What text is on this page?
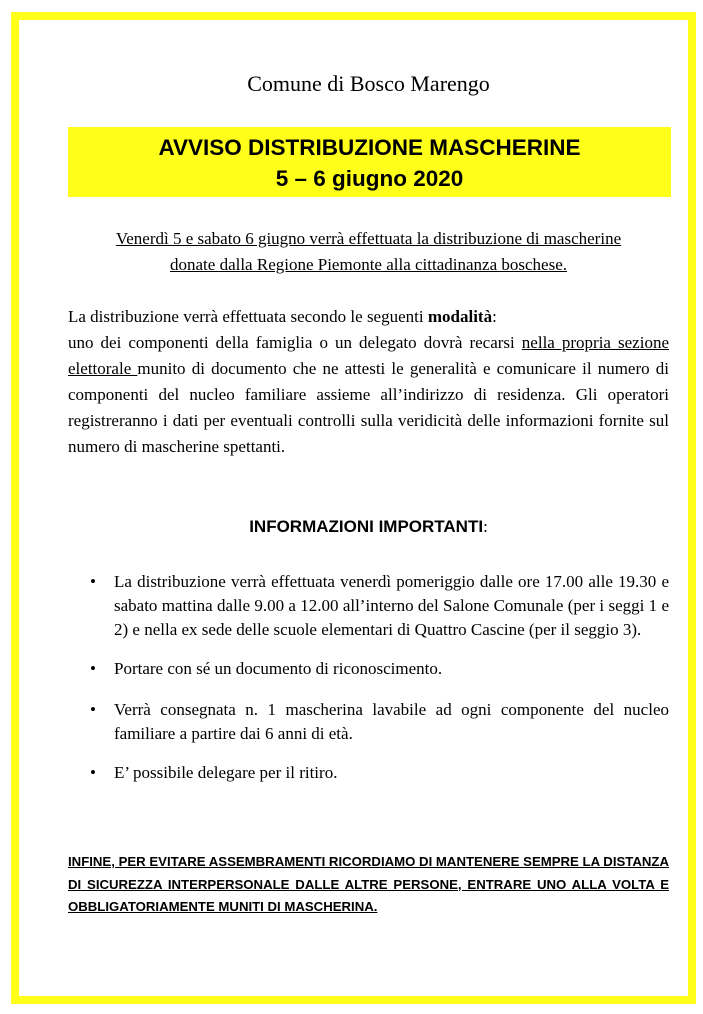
Comune di Bosco Marengo
AVVISO DISTRIBUZIONE MASCHERINE
5 – 6 giugno 2020
Venerdì 5 e sabato 6 giugno verrà effettuata la distribuzione di mascherine
donate dalla Regione Piemonte alla cittadinanza boschese.

La distribuzione verrà effettuata secondo le seguenti modalità:

uno dei componenti della famiglia o un delegato dovrà recarsi nella propria sezione elettorale munito di documento che ne attesti le generalità e comunicare il numero di componenti del nucleo familiare assieme all’indirizzo di residenza. Gli operatori registreranno i dati per eventuali controlli sulla veridicità delle informazioni fornite sul numero di mascherine spettanti.

INFORMAZIONI IMPORTANTI:
• La distribuzione verrà effettuata venerdì pomeriggio dalle ore 17.00 alle 19.30 e sabato mattina dalle 9.00 a 12.00 all’interno del Salone Comunale (per i seggi 1 e 2) e nella ex sede delle scuole elementari di Quattro Cascine (per il seggio 3).
• Portare con sé un documento di riconoscimento.
• Verrà consegnata n. 1 mascherina lavabile ad ogni componente del nucleo familiare a partire dai 6 anni di età.
• E’ possibile delegare per il ritiro.
INFINE, PER EVITARE ASSEMBRAMENTI RICORDIAMO DI MANTENERE SEMPRE LA DISTANZA DI SICUREZZA INTERPERSONALE DALLE ALTRE PERSONE, ENTRARE UNO ALLA VOLTA E OBBLIGATORIAMENTE MUNITI DI MASCHERINA.
